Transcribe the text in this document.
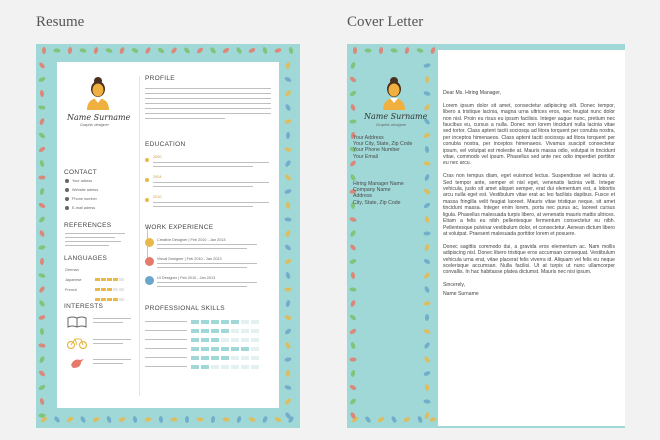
Resume	Cover Letter
Name Surname
Graphic designer
CONTACT
Your adress
Website adress
Phone number
E-mail adress
REFERENCES
LANGUAGES
German
Japanese
French
INTERESTS
PROFILE
EDUCATION
2000
2004
2010
WORK EXPERIENCE
Creative Designer | Feb 2010 - Jan 2013
Visual Designer | Feb 2010 - Jan 2013
UI Designer | Feb 2010 - Jan 2013
PROFESSIONAL SKILLS
Name Surname
Graphic designer
Your Address
Your City, State, Zip Code
Your Phone Number
Your Email
Hiring Manager Name
Company Name
Address
City, State, Zip Code

Dear Ms. Hiring Manager,

Lorem ipsum dolor sit amet, consectetur adipiscing elit. Donec tempor, libero a tristique lacinia, magna urna ultrices eros, nec feugiat nunc dolor non nisl. Proin eu risus eu ipsum facilisis. Integer augue nunc, pretium nec faucibus eu, cursus a nulla. Donec non lorem tincidunt nulla lacinia vitae sed tortor. Class aptent taciti sociosqu ad litora torquent per conubia nostra, per inceptos himenaeos. Class aptent taciti sociosqu ad litora torquent per conubia nostra, per inceptos himenaeos. Vivamus suscipit consectetur ipsum, vel volutpat est molestie at. Mauris massa odio, volutpat in tincidunt vitae, commodo vel ipsum. Phasellus sed ante nec odio imperdiet porttitor eu nec arcu.

Cras non tempus diam, eget euismod lectus. Suspendisse vel lacinia ut. Sed tempor ante, semper et nisl eget, venenatis lacinia velit. Integer vehicula, justo sit amet aliquet semper, erat dui elementum est, a lobortis arcu nulla eget est. Vestibulum vitae erat ac leo facilisis dapibus. Fusce et massa fringilla velit feugiat laoreet. Mauris vitae tristique neque, sit amet tincidunt massa. Integer enim lorem, porta nec purus ac, laoreet cursus ligula. Phasellus malesuada turpis libero, at venenatis mauris mattis ultrices. Etiam a felis eu nibh pellentesque fermentum consectetur eu nibh. Pellentesque pulvinar vestibulum dolor, et consectetur. Aenean dictum libero at volutpat. Praesent malesuada porttitor lorem et posuere.

Donec sagittis commodo dui, a gravida eros elementum ac. Nam mollis adipiscing nisl. Donec libero tristique eros accumsan consequat. Vestibulum vehicula urna erat, vitae placerat felis viverra id. Aliquam vel felis eu neque scelerisque accumsan. Nulla facilisi. Ut at turpis ut nunc ullamcorper convallis. In hac habitasse platea dictumst. Mauris nec nisi ipsum.

Sincerely,

Name Surname
